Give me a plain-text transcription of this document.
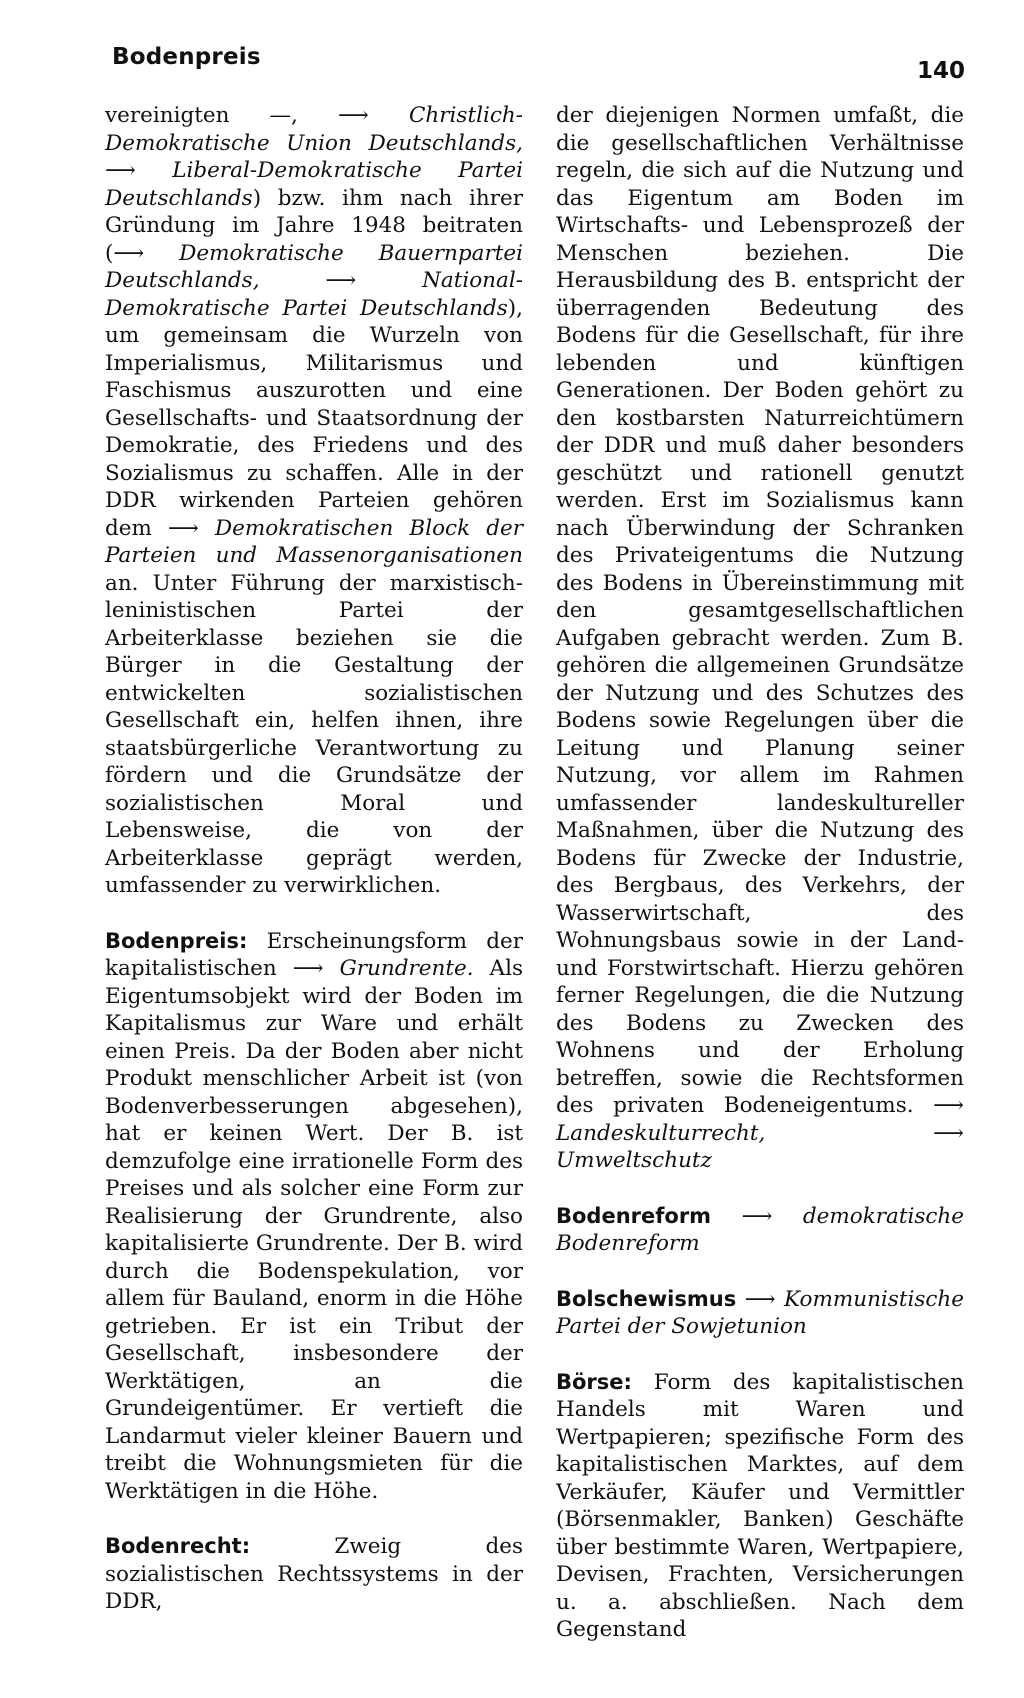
Bodenpreis
140

vereinigten —, ⟶ Christlich-Demokratische Union Deutschlands, ⟶ Liberal-Demokratische Partei Deutschlands) bzw. ihm nach ihrer Gründung im Jahre 1948 beitraten (⟶ Demokratische Bauernpartei Deutschlands, ⟶ National-Demokratische Partei Deutschlands), um gemeinsam die Wurzeln von Imperialismus, Militarismus und Faschismus auszurotten und eine Gesellschafts- und Staatsordnung der Demokratie, des Friedens und des Sozialismus zu schaffen. Alle in der DDR wirkenden Parteien gehören dem ⟶ Demokratischen Block der Parteien und Massenorganisationen an. Unter Führung der marxistisch-leninistischen Partei der Arbeiterklasse beziehen sie die Bürger in die Gestaltung der entwickelten sozialistischen Gesellschaft ein, helfen ihnen, ihre staatsbürgerliche Verantwortung zu fördern und die Grundsätze der sozialistischen Moral und Lebensweise, die von der Arbeiterklasse geprägt werden, umfassender zu verwirklichen.

Bodenpreis: Erscheinungsform der kapitalistischen ⟶ Grundrente. Als Eigentumsobjekt wird der Boden im Kapitalismus zur Ware und erhält einen Preis. Da der Boden aber nicht Produkt menschlicher Arbeit ist (von Bodenverbesserungen abgesehen), hat er keinen Wert. Der B. ist demzufolge eine irrationelle Form des Preises und als solcher eine Form zur Realisierung der Grundrente, also kapitalisierte Grundrente. Der B. wird durch die Bodenspekulation, vor allem für Bauland, enorm in die Höhe getrieben. Er ist ein Tribut der Gesellschaft, insbesondere der Werktätigen, an die Grundeigentümer. Er vertieft die Landarmut vieler kleiner Bauern und treibt die Wohnungsmieten für die Werktätigen in die Höhe.

Bodenrecht: Zweig des sozialistischen Rechtssystems in der DDR,

der diejenigen Normen umfaßt, die die gesellschaftlichen Verhältnisse regeln, die sich auf die Nutzung und das Eigentum am Boden im Wirtschafts- und Lebensprozeß der Menschen beziehen. Die Herausbildung des B. entspricht der überragenden Bedeutung des Bodens für die Gesellschaft, für ihre lebenden und künftigen Generationen. Der Boden gehört zu den kostbarsten Naturreichtümern der DDR und muß daher besonders geschützt und rationell genutzt werden. Erst im Sozialismus kann nach Überwindung der Schranken des Privateigentums die Nutzung des Bodens in Übereinstimmung mit den gesamtgesellschaftlichen Aufgaben gebracht werden. Zum B. gehören die allgemeinen Grundsätze der Nutzung und des Schutzes des Bodens sowie Regelungen über die Leitung und Planung seiner Nutzung, vor allem im Rahmen umfassender landeskultureller Maßnahmen, über die Nutzung des Bodens für Zwecke der Industrie, des Bergbaus, des Verkehrs, der Wasserwirtschaft, des Wohnungsbaus sowie in der Land- und Forstwirtschaft. Hierzu gehören ferner Regelungen, die die Nutzung des Bodens zu Zwecken des Wohnens und der Erholung betreffen, sowie die Rechtsformen des privaten Bodeneigentums. ⟶ Landeskulturrecht, ⟶ Umweltschutz

Bodenreform ⟶ demokratische Bodenreform

Bolschewismus ⟶ Kommunistische Partei der Sowjetunion

Börse: Form des kapitalistischen Handels mit Waren und Wertpapieren; spezifische Form des kapitalistischen Marktes, auf dem Verkäufer, Käufer und Vermittler (Börsenmakler, Banken) Geschäfte über bestimmte Waren, Wertpapiere, Devisen, Frachten, Versicherungen u. a. abschließen. Nach dem Gegenstand
